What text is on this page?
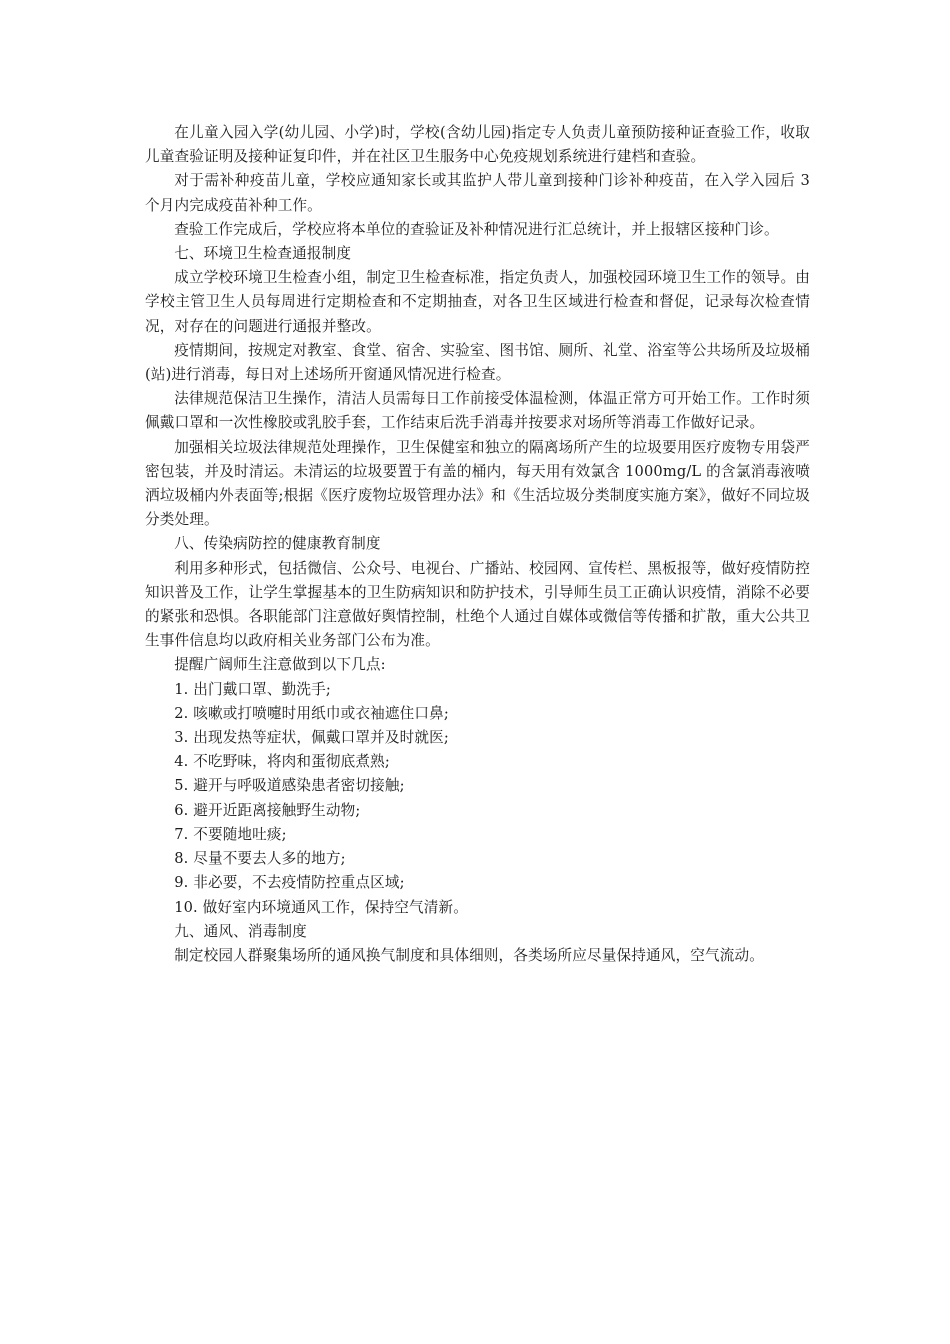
在儿童入园入学(幼儿园、小学)时，学校(含幼儿园)指定专人负责儿童预防接种证查验工作，收取儿童查验证明及接种证复印件，并在社区卫生服务中心免疫规划系统进行建档和查验。

对于需补种疫苗儿童，学校应通知家长或其监护人带儿童到接种门诊补种疫苗，在入学入园后 3 个月内完成疫苗补种工作。

查验工作完成后，学校应将本单位的查验证及补种情况进行汇总统计，并上报辖区接种门诊。

七、环境卫生检查通报制度

成立学校环境卫生检查小组，制定卫生检查标准，指定负责人，加强校园环境卫生工作的领导。由学校主管卫生人员每周进行定期检查和不定期抽查，对各卫生区域进行检查和督促，记录每次检查情况，对存在的问题进行通报并整改。

疫情期间，按规定对教室、食堂、宿舍、实验室、图书馆、厕所、礼堂、浴室等公共场所及垃圾桶(站)进行消毒，每日对上述场所开窗通风情况进行检查。

法律规范保洁卫生操作，清洁人员需每日工作前接受体温检测，体温正常方可开始工作。工作时须佩戴口罩和一次性橡胶或乳胶手套，工作结束后洗手消毒并按要求对场所等消毒工作做好记录。

加强相关垃圾法律规范处理操作，卫生保健室和独立的隔离场所产生的垃圾要用医疗废物专用袋严密包装，并及时清运。未清运的垃圾要置于有盖的桶内，每天用有效氯含 1000mg/L 的含氯消毒液喷洒垃圾桶内外表面等;根据《医疗废物垃圾管理办法》和《生活垃圾分类制度实施方案》，做好不同垃圾分类处理。

八、传染病防控的健康教育制度

利用多种形式，包括微信、公众号、电视台、广播站、校园网、宣传栏、黑板报等，做好疫情防控知识普及工作，让学生掌握基本的卫生防病知识和防护技术，引导师生员工正确认识疫情，消除不必要的紧张和恐惧。各职能部门注意做好舆情控制，杜绝个人通过自媒体或微信等传播和扩散，重大公共卫生事件信息均以政府相关业务部门公布为准。

提醒广阔师生注意做到以下几点:

1. 出门戴口罩、勤洗手;

2. 咳嗽或打喷嚏时用纸巾或衣袖遮住口鼻;

3. 出现发热等症状，佩戴口罩并及时就医;

4. 不吃野味，将肉和蛋彻底煮熟;

5. 避开与呼吸道感染患者密切接触;

6. 避开近距离接触野生动物;

7. 不要随地吐痰;

8. 尽量不要去人多的地方;

9. 非必要，不去疫情防控重点区域;

10. 做好室内环境通风工作，保持空气清新。

九、通风、消毒制度

制定校园人群聚集场所的通风换气制度和具体细则，各类场所应尽量保持通风，空气流动。
